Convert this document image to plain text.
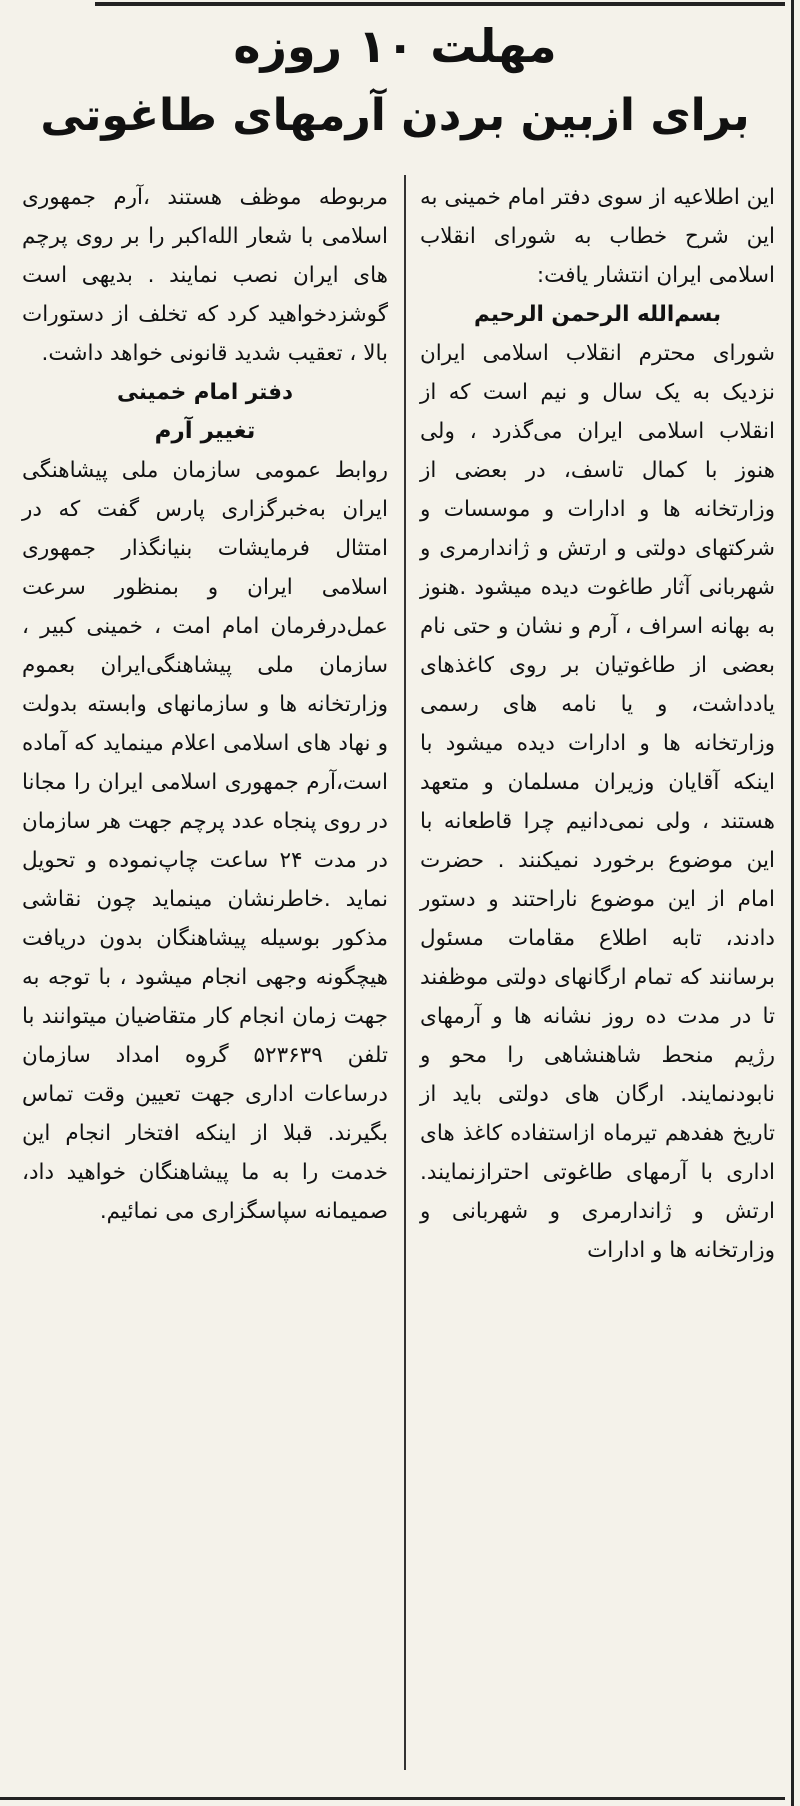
مهلت ۱۰ روزه
برای ازبین بردن آرمهای طاغوتی

این اطلاعیه از سوی دفتر امام خمینی به این شرح خطاب به شورای انقلاب اسلامی ایران انتشار یافت:

بسم‌الله الرحمن الرحیم

شورای محترم انقلاب اسلامی ایران نزدیک به یک سال و نیم است که از انقلاب اسلامی ایران می‌گذرد ، ولی هنوز با کمال تاسف، در بعضی از وزارتخانه ها و ادارات و موسسات و شرکتهای دولتی و ارتش و ژاندارمری و شهربانی آثار طاغوت دیده میشود .هنوز به بهانه اسراف ، آرم و نشان و حتی نام بعضی از طاغوتیان بر روی کاغذهای یادداشت، و یا نامه های رسمی وزارتخانه ها و ادارات دیده میشود با اینکه آقایان وزیران مسلمان و متعهد هستند ، ولی نمی‌دانیم چرا قاطعانه با این موضوع برخورد نمیکنند . حضرت امام از این موضوع ناراحتند و دستور دادند، تابه اطلاع مقامات مسئول برسانند که تمام ارگانهای دولتی موظفند تا در مدت ده روز نشانه ها و آرمهای رژیم منحط شاهنشاهی را محو و نابودنمایند. ارگان های دولتی باید از تاریخ هفدهم تیرماه ازاستفاده کاغذ های اداری با آرمهای طاغوتی احترازنمایند. ارتش و ژاندارمری و شهربانی و وزارتخانه ها و ادارات

مربوطه موظف هستند ،آرم جمهوری اسلامی با شعار الله‌اکبر را بر روی پرچم های ایران نصب نمایند . بدیهی است گوشزدخواهید کرد که تخلف از دستورات بالا ، تعقیب شدید قانونی خواهد داشت.

دفتر امام خمینی

تغییر آرم

روابط عمومی سازمان ملی پیشاهنگی ایران به‌خبرگزاری پارس گفت که در امتثال فرمایشات بنیانگذار جمهوری اسلامی ایران و بمنظور سرعت عمل‌درفرمان امام امت ، خمینی کبیر ، سازمان ملی پیشاهنگی‌ایران بعموم وزارتخانه ها و سازمانهای وابسته بدولت و نهاد های اسلامی اعلام مینماید که آماده است،آرم جمهوری اسلامی ایران را مجانا در روی پنجاه عدد پرچم جهت هر سازمان در مدت ۲۴ ساعت چاپ‌نموده و تحویل نماید .خاطرنشان مینماید چون نقاشی مذکور بوسیله پیشاهنگان بدون دریافت هیچگونه وجهی انجام میشود ، با توجه به جهت زمان انجام کار متقاضیان میتوانند با تلفن ۵۲۳۶۳۹ گروه امداد سازمان درساعات اداری جهت تعیین وقت تماس بگیرند. قبلا از اینکه افتخار انجام این خدمت را به ما پیشاهنگان خواهید داد، صمیمانه سپاسگزاری می نمائیم.
